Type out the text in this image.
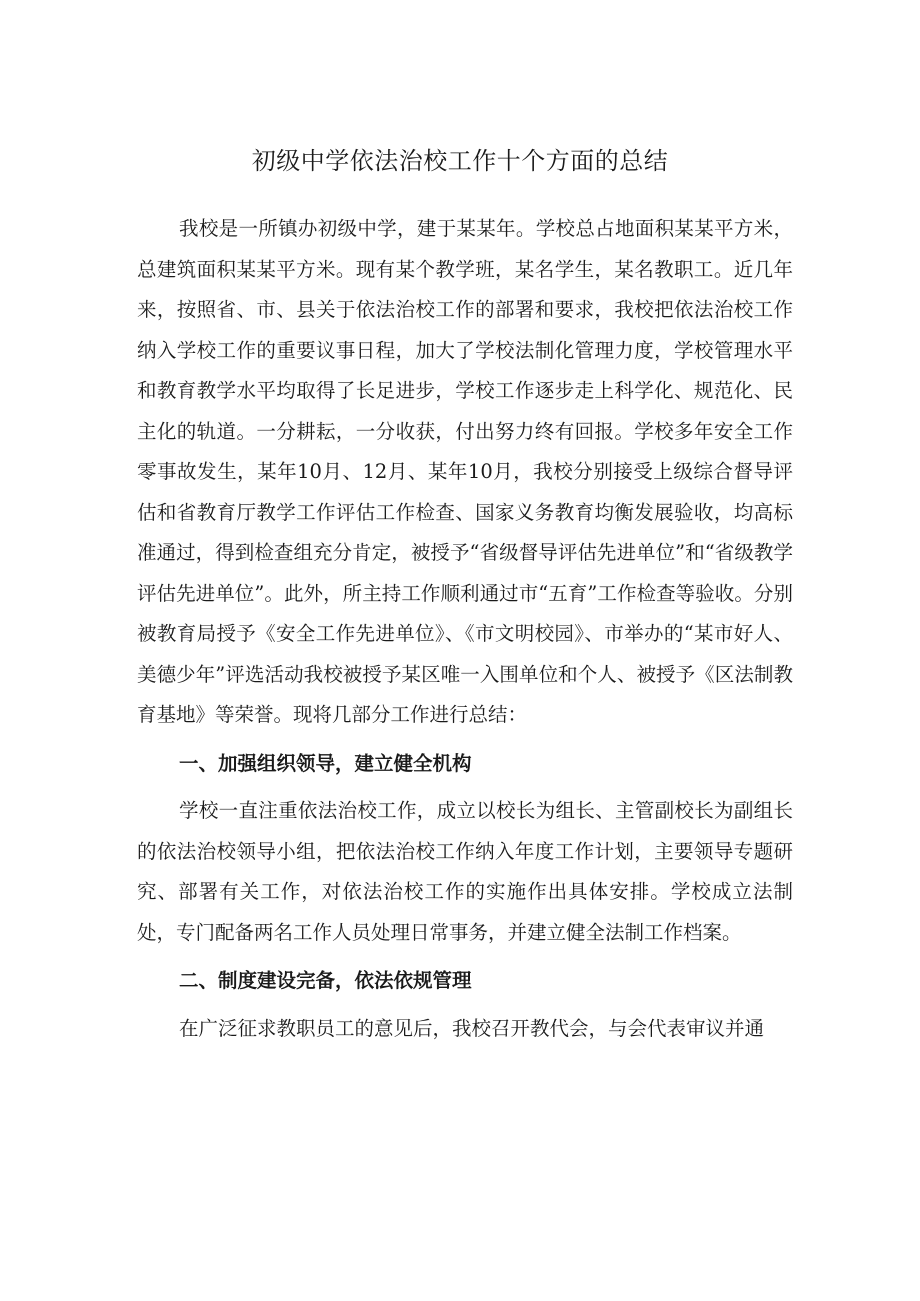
初级中学依法治校工作十个方面的总结

我校是一所镇办初级中学，建于某某年。学校总占地面积某某平方米，总建筑面积某某平方米。现有某个教学班，某名学生，某名教职工。近几年来，按照省、市、县关于依法治校工作的部署和要求，我校把依法治校工作纳入学校工作的重要议事日程，加大了学校法制化管理力度，学校管理水平和教育教学水平均取得了长足进步，学校工作逐步走上科学化、规范化、民主化的轨道。一分耕耘，一分收获，付出努力终有回报。学校多年安全工作零事故发生，某年10月、12月、某年10月，我校分别接受上级综合督导评估和省教育厅教学工作评估工作检查、国家义务教育均衡发展验收，均高标准通过，得到检查组充分肯定，被授予“省级督导评估先进单位”和“省级教学评估先进单位”。此外，所主持工作顺利通过市“五育”工作检查等验收。分别被教育局授予《安全工作先进单位》、《市文明校园》、市举办的“某市好人、美德少年”评选活动我校被授予某区唯一入围单位和个人、被授予《区法制教育基地》等荣誉。现将几部分工作进行总结：

一、加强组织领导，建立健全机构

学校一直注重依法治校工作，成立以校长为组长、主管副校长为副组长的依法治校领导小组，把依法治校工作纳入年度工作计划，主要领导专题研究、部署有关工作，对依法治校工作的实施作出具体安排。学校成立法制处，专门配备两名工作人员处理日常事务，并建立健全法制工作档案。

二、制度建设完备，依法依规管理

在广泛征求教职员工的意见后，我校召开教代会，与会代表审议并通
